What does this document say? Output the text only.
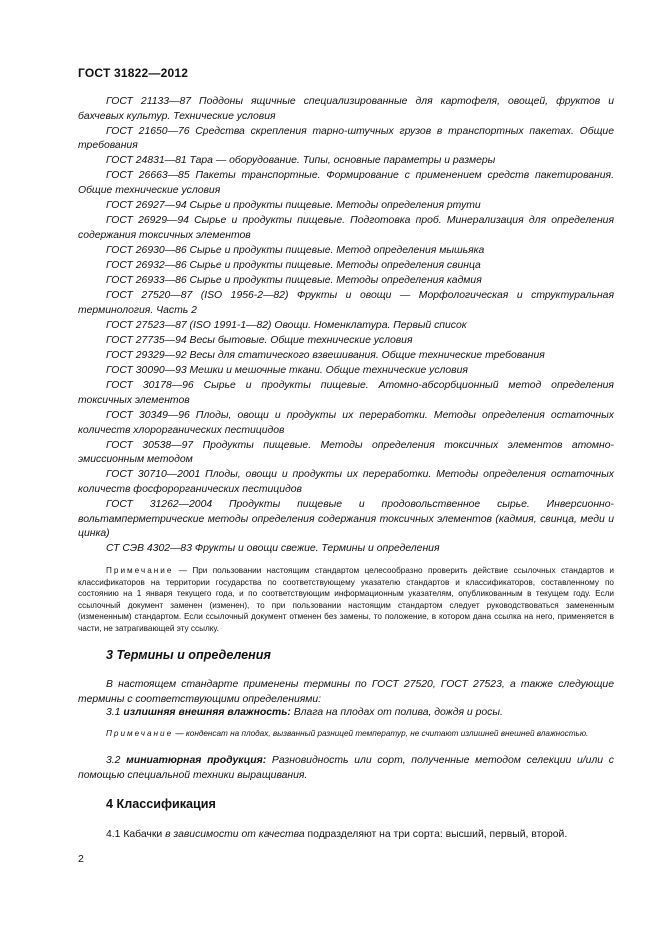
ГОСТ 31822—2012

ГОСТ 21133—87 Поддоны ящичные специализированные для картофеля, овощей, фруктов и бахчевых культур. Технические условия

ГОСТ 21650—76 Средства скрепления тарно-штучных грузов в транспортных пакетах. Общие требования

ГОСТ 24831—81 Тара — оборудование. Типы, основные параметры и размеры

ГОСТ 26663—85 Пакеты транспортные. Формирование с применением средств пакетирования. Общие технические условия

ГОСТ 26927—94 Сырье и продукты пищевые. Методы определения ртути

ГОСТ 26929—94 Сырье и продукты пищевые. Подготовка проб. Минерализация для определения содержания токсичных элементов

ГОСТ 26930—86 Сырье и продукты пищевые. Метод определения мышьяка

ГОСТ 26932—86 Сырье и продукты пищевые. Методы определения свинца

ГОСТ 26933—86 Сырье и продукты пищевые. Методы определения кадмия

ГОСТ 27520—87 (ISO 1956-2—82) Фрукты и овощи — Морфологическая и структуральная терминология. Часть 2

ГОСТ 27523—87 (ISO 1991-1—82) Овощи. Номенклатура. Первый список

ГОСТ 27735—94 Весы бытовые. Общие технические условия

ГОСТ 29329—92 Весы для статического взвешивания. Общие технические требования

ГОСТ 30090—93 Мешки и мешочные ткани. Общие технические условия

ГОСТ 30178—96 Сырье и продукты пищевые. Атомно-абсорбционный метод определения токсичных элементов

ГОСТ 30349—96 Плоды, овощи и продукты их переработки. Методы определения остаточных количеств хлорорганических пестицидов

ГОСТ 30538—97 Продукты пищевые. Методы определения токсичных элементов атомно-эмиссионным методом

ГОСТ 30710—2001 Плоды, овощи и продукты их переработки. Методы определения остаточных количеств фосфорорганических пестицидов

ГОСТ 31262—2004 Продукты пищевые и продовольственное сырье. Инверсионно-вольтамперметрические методы определения содержания токсичных элементов (кадмия, свинца, меди и цинка)

СТ СЭВ 4302—83 Фрукты и овощи свежие. Термины и определения

Примечание — При пользовании настоящим стандартом целесообразно проверить действие ссылочных стандартов и классификаторов на территории государства по соответствующему указателю стандартов и классификаторов, составленному по состоянию на 1 января текущего года, и по соответствующим информационным указателям, опубликованным в текущем году. Если ссылочный документ заменен (изменен), то при пользовании настоящим стандартом следует руководствоваться замененным (измененным) стандартом. Если ссылочный документ отменен без замены, то положение, в котором дана ссылка на него, применяется в части, не затрагивающей эту ссылку.

3 Термины и определения

В настоящем стандарте применены термины по ГОСТ 27520, ГОСТ 27523, а также следующие термины с соответствующими определениями:

3.1 излишняя внешняя влажность: Влага на плодах от полива, дождя и росы.

Примечание — конденсат на плодах, вызванный разницей температур, не считают излишней внешней влажностью.

3.2 миниатюрная продукция: Разновидность или сорт, полученные методом селекции и/или с помощью специальной техники выращивания.

4 Классификация

4.1 Кабачки в зависимости от качества подразделяют на три сорта: высший, первый, второй.

2
